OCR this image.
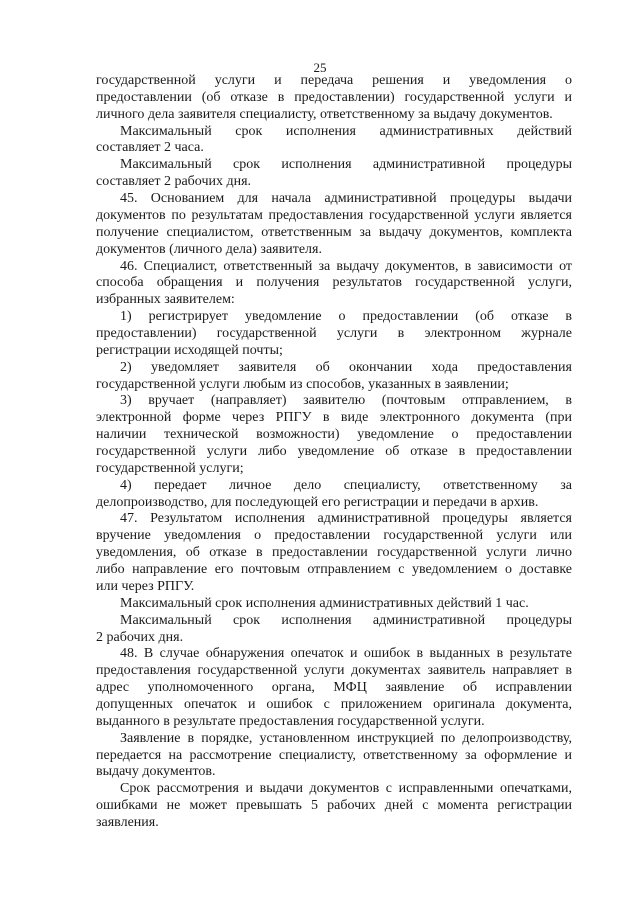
25
государственной услуги и передача решения и уведомления о
предоставлении (об отказе в предоставлении) государственной услуги и
личного дела заявителя специалисту, ответственному за выдачу документов.
Максимальный срок исполнения административных действий
составляет 2 часа.
Максимальный срок исполнения административной процедуры
составляет 2 рабочих дня.
45. Основанием для начала административной процедуры выдачи
документов по результатам предоставления государственной услуги является
получение специалистом, ответственным за выдачу документов, комплекта
документов (личного дела) заявителя.
46. Специалист, ответственный за выдачу документов, в зависимости от
способа обращения и получения результатов государственной услуги,
избранных заявителем:
1) регистрирует уведомление о предоставлении (об отказе в
предоставлении) государственной услуги в электронном журнале
регистрации исходящей почты;
2) уведомляет заявителя об окончании хода предоставления
государственной услуги любым из способов, указанных в заявлении;
3) вручает (направляет) заявителю (почтовым отправлением, в
электронной форме через РПГУ в виде электронного документа (при
наличии технической возможности) уведомление о предоставлении
государственной услуги либо уведомление об отказе в предоставлении
государственной услуги;
4) передает личное дело специалисту, ответственному за
делопроизводство, для последующей его регистрации и передачи в архив.
47. Результатом исполнения административной процедуры является
вручение уведомления о предоставлении государственной услуги или
уведомления, об отказе в предоставлении государственной услуги лично
либо направление его почтовым отправлением с уведомлением о доставке
или через РПГУ.
Максимальный срок исполнения административных действий 1 час.
Максимальный срок исполнения административной процедуры
2 рабочих дня.
48. В случае обнаружения опечаток и ошибок в выданных в результате
предоставления государственной услуги документах заявитель направляет в
адрес уполномоченного органа, МФЦ заявление об исправлении
допущенных опечаток и ошибок с приложением оригинала документа,
выданного в результате предоставления государственной услуги.
Заявление в порядке, установленном инструкцией по делопроизводству,
передается на рассмотрение специалисту, ответственному за оформление и
выдачу документов.
Срок рассмотрения и выдачи документов с исправленными опечатками,
ошибками не может превышать 5 рабочих дней с момента регистрации
заявления.
